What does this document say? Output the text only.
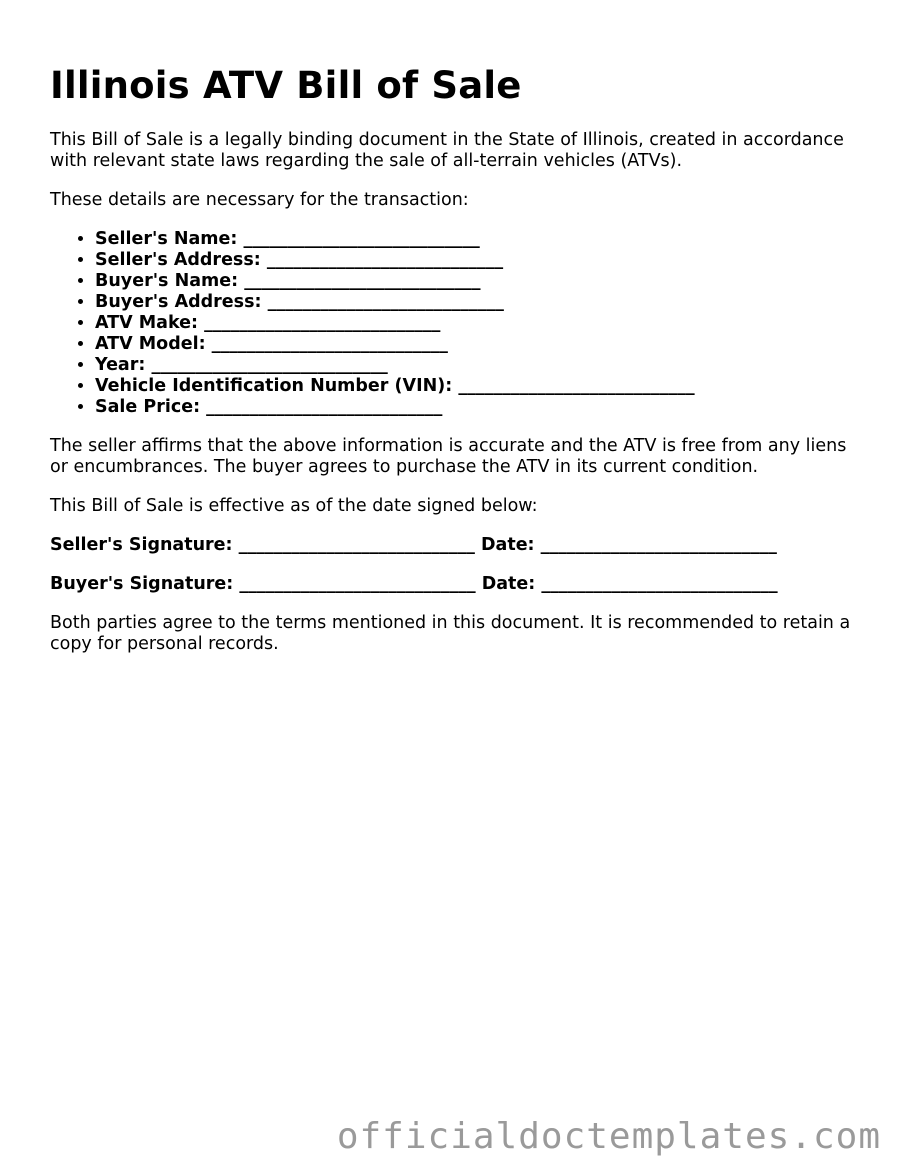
Illinois ATV Bill of Sale

This Bill of Sale is a legally binding document in the State of Illinois, created in accordance with relevant state laws regarding the sale of all-terrain vehicles (ATVs).

These details are necessary for the transaction:

• Seller's Name: ___________________________
• Seller's Address: ___________________________
• Buyer's Name: ___________________________
• Buyer's Address: ___________________________
• ATV Make: ___________________________
• ATV Model: ___________________________
• Year: ___________________________
• Vehicle Identification Number (VIN): ___________________________
• Sale Price: ___________________________

The seller affirms that the above information is accurate and the ATV is free from any liens or encumbrances. The buyer agrees to purchase the ATV in its current condition.

This Bill of Sale is effective as of the date signed below:

Seller's Signature: ___________________________ Date: ___________________________
Buyer's Signature: ___________________________ Date: ___________________________

Both parties agree to the terms mentioned in this document. It is recommended to retain a copy for personal records.

officialdoctemplates.com
